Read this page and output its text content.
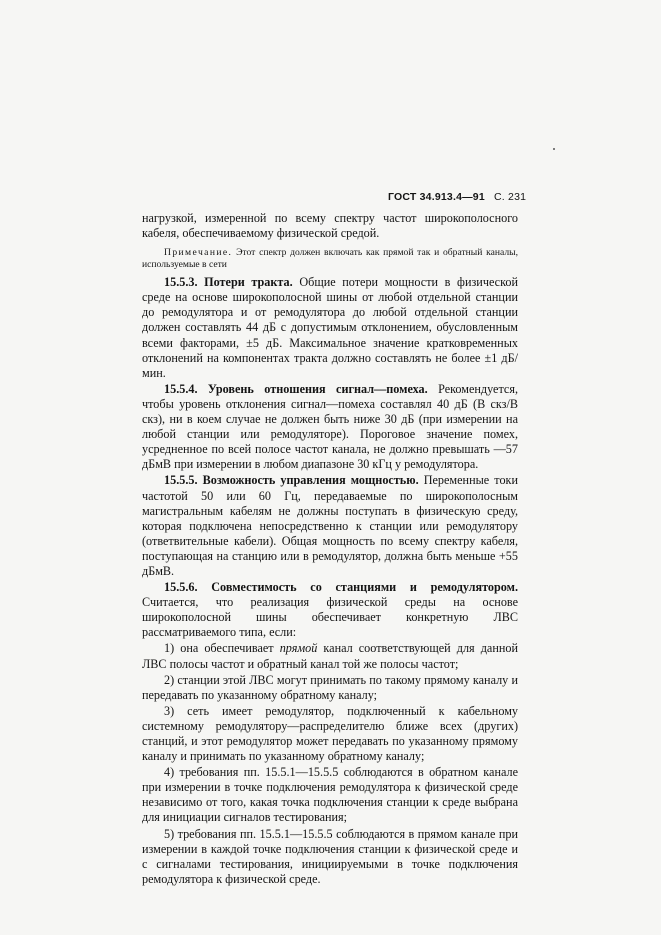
ГОСТ 34.913.4—91 С. 231

нагрузкой, измеренной по всему спектру частот широкополосного кабеля, обеспечиваемому физической средой.

Примечание. Этот спектр должен включать как прямой так и обратный каналы, используемые в сети

15.5.3. Потери тракта. Общие потери мощности в физической среде на основе широкополосной шины от любой отдельной станции до ремодулятора и от ремодулятора до любой отдельной станции должен составлять 44 дБ с допустимым отклонением, обусловленным всеми факторами, ±5 дБ. Максимальное значение кратковременных отклонений на компонентах тракта должно составлять не более ±1 дБ/мин.

15.5.4. Уровень отношения сигнал—помеха. Рекомендуется, чтобы уровень отклонения сигнал—помеха составлял 40 дБ (В скз/В скз), ни в коем случае не должен быть ниже 30 дБ (при измерении на любой станции или ремодуляторе). Пороговое значение помех, усредненное по всей полосе частот канала, не должно превышать —57 дБмВ при измерении в любом диапазоне 30 кГц у ремодулятора.

15.5.5. Возможность управления мощностью. Переменные токи частотой 50 или 60 Гц, передаваемые по широкополосным магистральным кабелям не должны поступать в физическую среду, которая подключена непосредственно к станции или ремодулятору (ответвительные кабели). Общая мощность по всему спектру кабеля, поступающая на станцию или в ремодулятор, должна быть меньше +55 дБмВ.

15.5.6. Совместимость со станциями и ремодулятором. Считается, что реализация физической среды на основе широкополосной шины обеспечивает конкретную ЛВС рассматриваемого типа, если:

1) она обеспечивает прямой канал соответствующей для данной ЛВС полосы частот и обратный канал той же полосы частот;

2) станции этой ЛВС могут принимать по такому прямому каналу и передавать по указанному обратному каналу;

3) сеть имеет ремодулятор, подключенный к кабельному системному ремодулятору—распределителю ближе всех (других) станций, и этот ремодулятор может передавать по указанному прямому каналу и принимать по указанному обратному каналу;

4) требования пп. 15.5.1—15.5.5 соблюдаются в обратном канале при измерении в точке подключения ремодулятора к физической среде независимо от того, какая точка подключения станции к среде выбрана для инициации сигналов тестирования;

5) требования пп. 15.5.1—15.5.5 соблюдаются в прямом канале при измерении в каждой точке подключения станции к физической среде и с сигналами тестирования, инициируемыми в точке подключения ремодулятора к физической среде.
